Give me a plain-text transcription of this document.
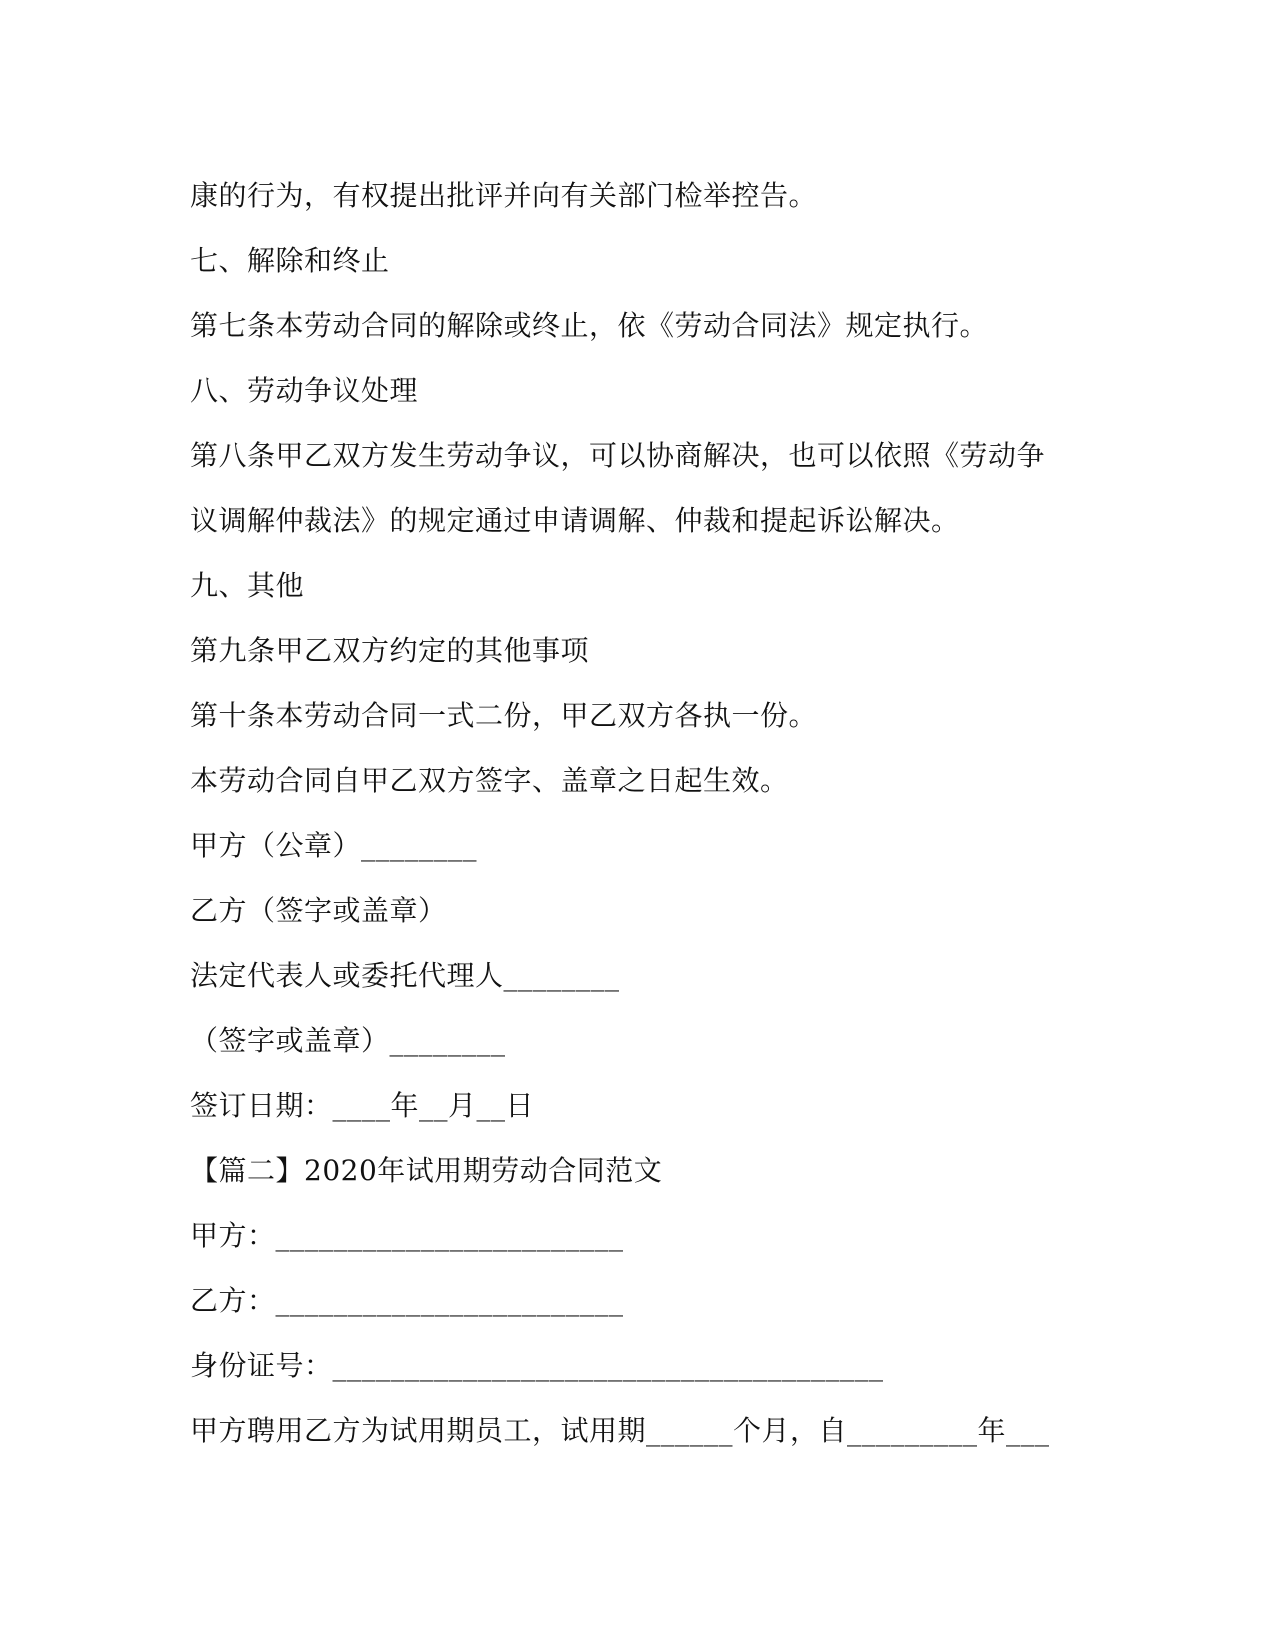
康的行为，有权提出批评并向有关部门检举控告。
七、解除和终止
第七条本劳动合同的解除或终止，依《劳动合同法》规定执行。
八、劳动争议处理
第八条甲乙双方发生劳动争议，可以协商解决，也可以依照《劳动争
议调解仲裁法》的规定通过申请调解、仲裁和提起诉讼解决。
九、其他
第九条甲乙双方约定的其他事项
第十条本劳动合同一式二份，甲乙双方各执一份。
本劳动合同自甲乙双方签字、盖章之日起生效。
甲方（公章）________
乙方（签字或盖章）
法定代表人或委托代理人________
（签字或盖章）________
签订日期：____年__月__日
【篇二】2020年试用期劳动合同范文
甲方：________________________
乙方：________________________
身份证号：______________________________________
甲方聘用乙方为试用期员工，试用期______个月，自_________年___
